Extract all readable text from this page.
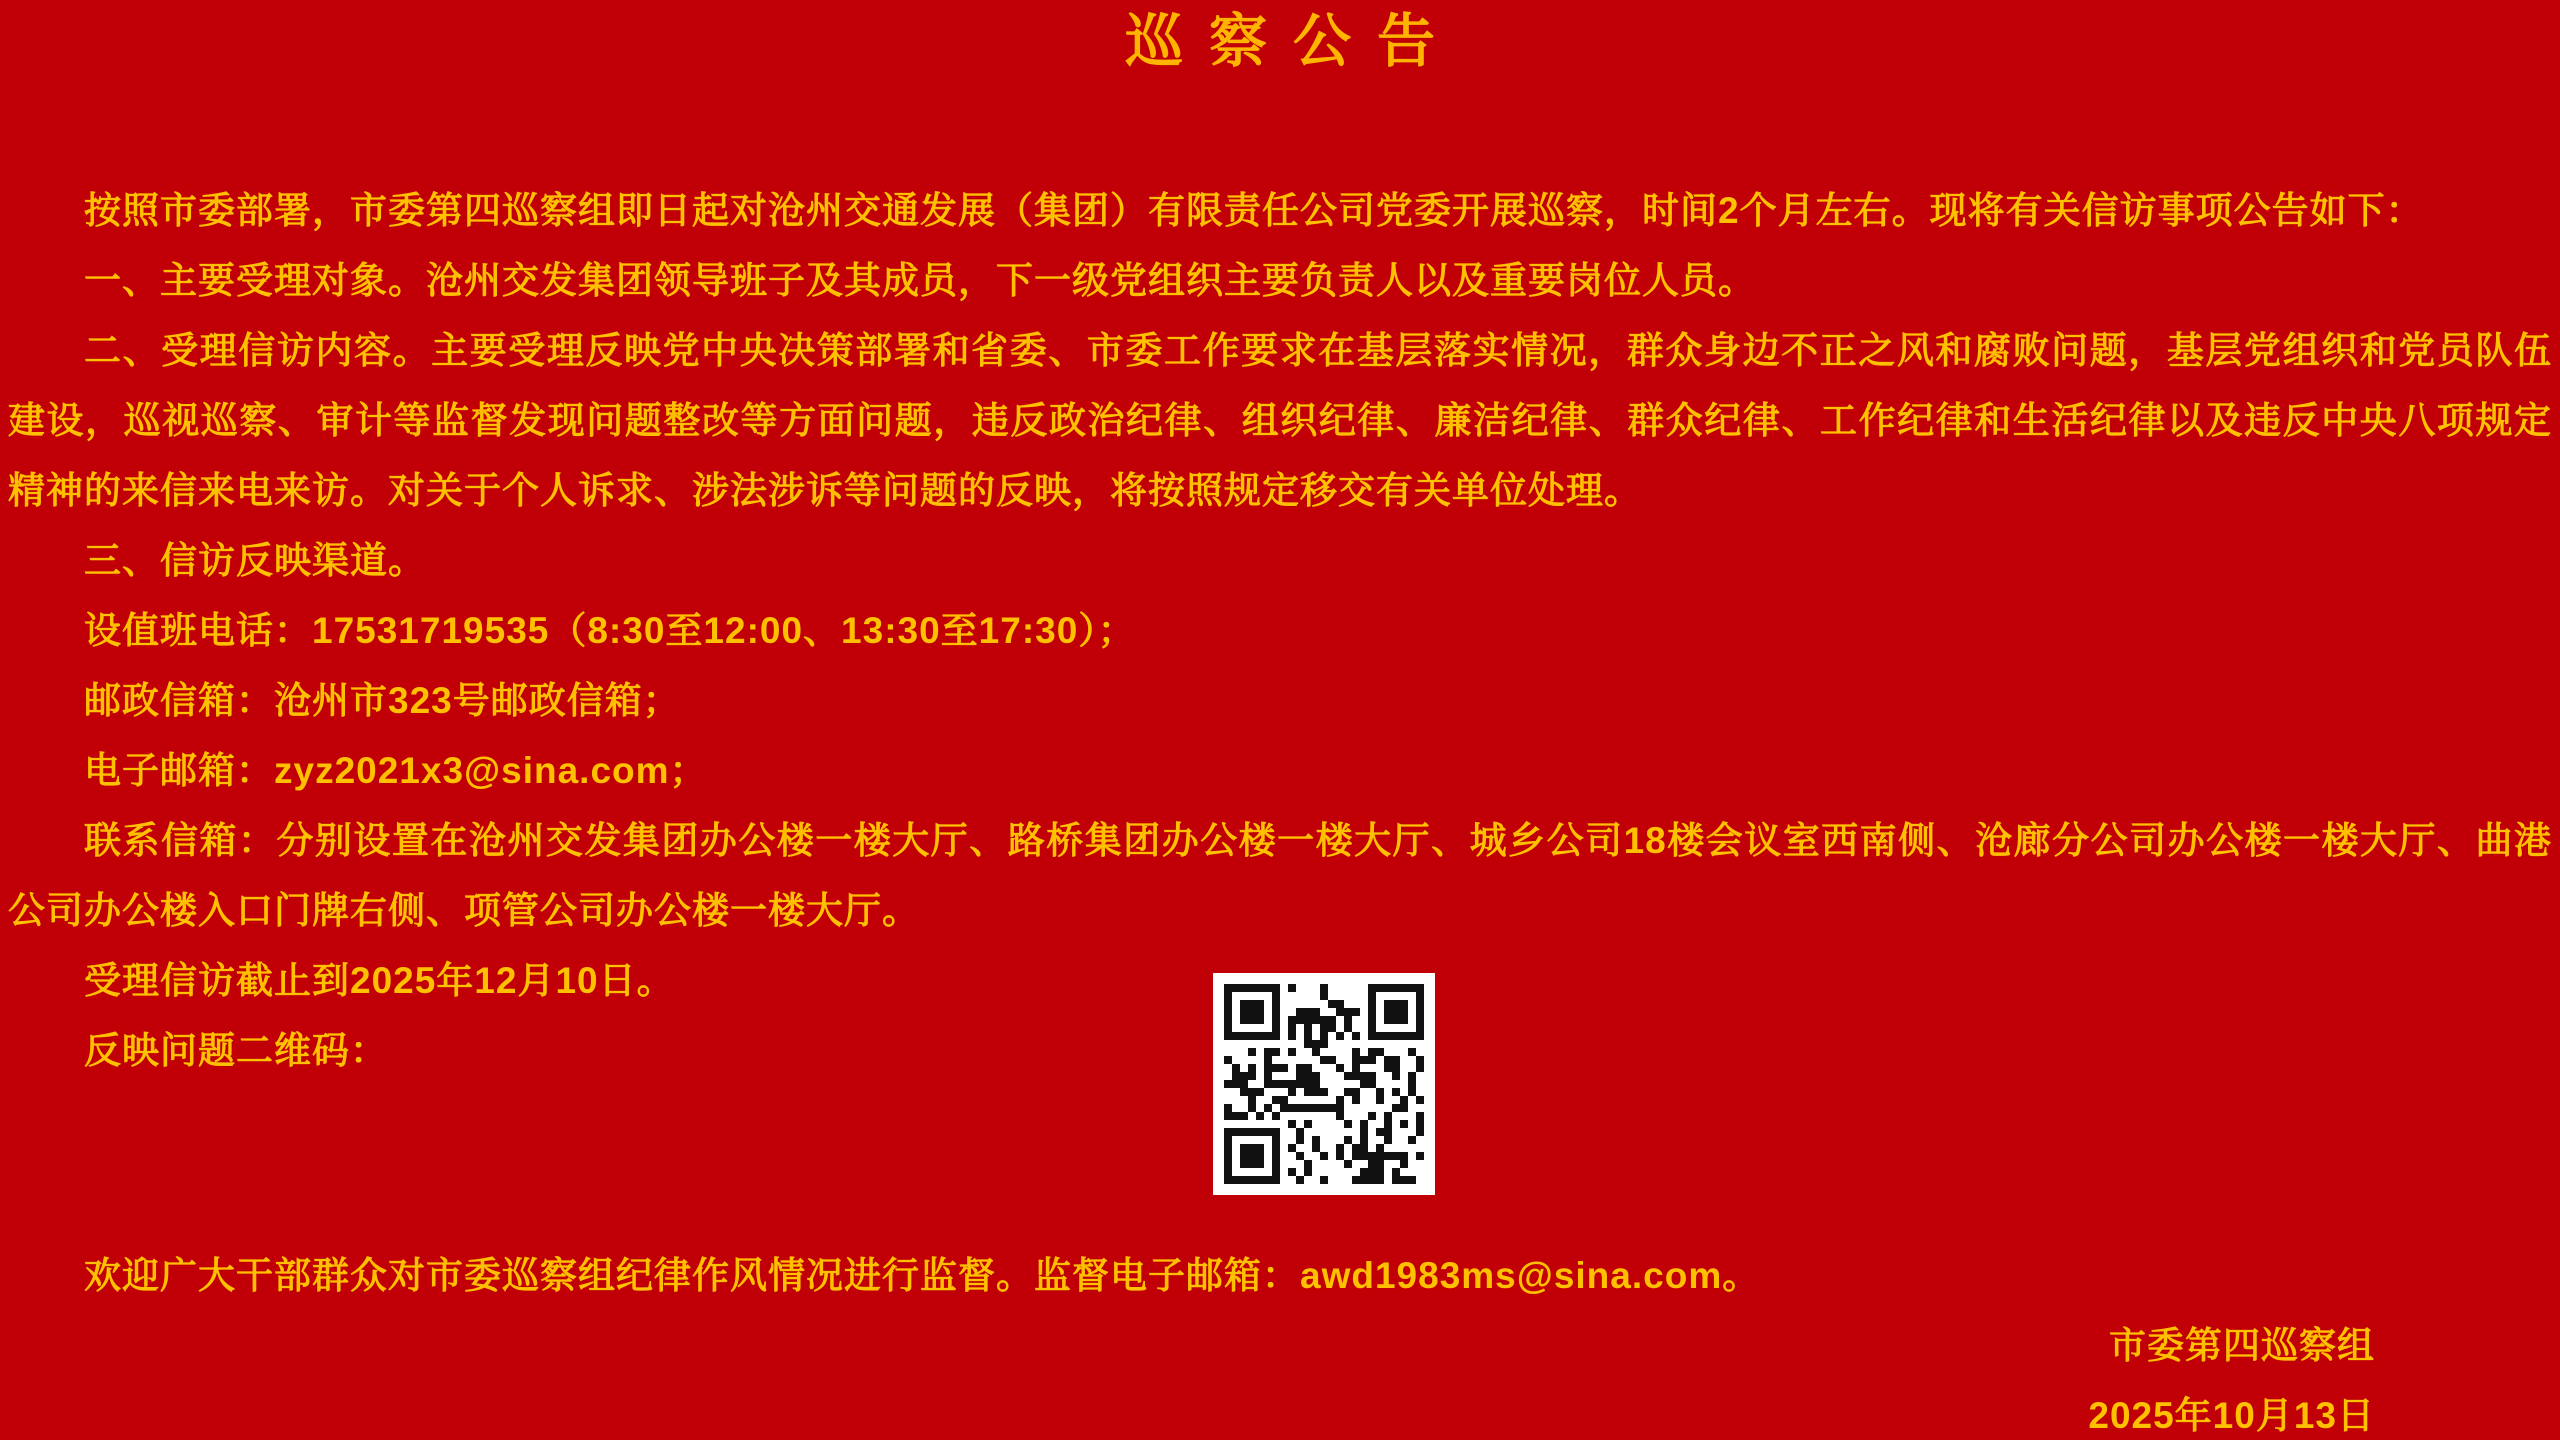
巡察公告

按照市委部署，市委第四巡察组即日起对沧州交通发展（集团）有限责任公司党委开展巡察，时间2个月左右。现将有关信访事项公告如下：

一、主要受理对象。沧州交发集团领导班子及其成员，下一级党组织主要负责人以及重要岗位人员。

二、受理信访内容。主要受理反映党中央决策部署和省委、市委工作要求在基层落实情况，群众身边不正之风和腐败问题，基层党组织和党员队伍建设，巡视巡察、审计等监督发现问题整改等方面问题，违反政治纪律、组织纪律、廉洁纪律、群众纪律、工作纪律和生活纪律以及违反中央八项规定精神的来信来电来访。对关于个人诉求、涉法涉诉等问题的反映，将按照规定移交有关单位处理。

三、信访反映渠道。

设值班电话：17531719535（8:30至12:00、13:30至17:30）；

邮政信箱：沧州市323号邮政信箱；

电子邮箱：zyz2021x3@sina.com；

联系信箱：分别设置在沧州交发集团办公楼一楼大厅、路桥集团办公楼一楼大厅、城乡公司18楼会议室西南侧、沧廊分公司办公楼一楼大厅、曲港公司办公楼入口门牌右侧、项管公司办公楼一楼大厅。

受理信访截止到2025年12月10日。

反映问题二维码：

欢迎广大干部群众对市委巡察组纪律作风情况进行监督。监督电子邮箱：awd1983ms@sina.com。

市委第四巡察组
2025年10月13日
